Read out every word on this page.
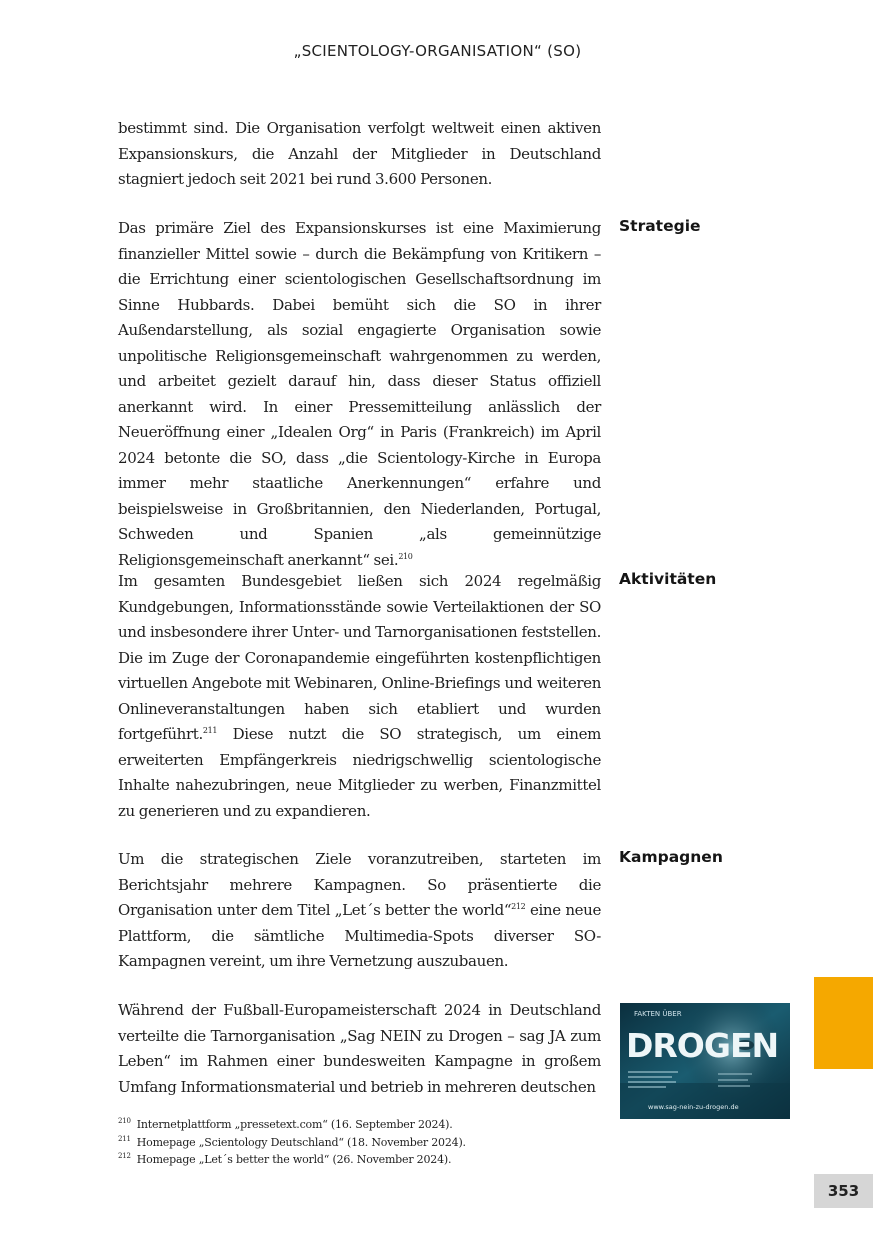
„SCIENTOLOGY-ORGANISATION“ (SO)

bestimmt sind. Die Organisation verfolgt weltweit einen aktiven Expansionskurs, die Anzahl der Mitglieder in Deutschland stagniert jedoch seit 2021 bei rund 3.600 Personen.

Das primäre Ziel des Expansionskurses ist eine Maximierung finanzieller Mittel sowie – durch die Bekämpfung von Kritikern – die Errichtung einer scientologischen Gesellschaftsordnung im Sinne Hubbards. Dabei bemüht sich die SO in ihrer Außendarstellung, als sozial engagierte Organisation sowie unpolitische Religionsgemeinschaft wahrgenommen zu werden, und arbeitet gezielt darauf hin, dass dieser Status offiziell anerkannt wird. In einer Pressemitteilung anlässlich der Neueröffnung einer „Idealen Org“ in Paris (Frankreich) im April 2024 betonte die SO, dass „die Scientology-Kirche in Europa immer mehr staatliche Anerkennungen“ erfahre und beispielsweise in Großbritannien, den Niederlanden, Portugal, Schweden und Spanien „als gemeinnützige Religionsgemeinschaft anerkannt“ sei.$^{210}$

Im gesamten Bundesgebiet ließen sich 2024 regelmäßig Kundgebungen, Informationsstände sowie Verteilaktionen der SO und insbesondere ihrer Unter- und Tarnorganisationen feststellen. Die im Zuge der Coronapandemie eingeführten kostenpflichtigen virtuellen Angebote mit Webinaren, Online-Briefings und weiteren Onlineveranstaltungen haben sich etabliert und wurden fortgeführt.$^{211}$ Diese nutzt die SO strategisch, um einem erweiterten Empfängerkreis niedrigschwellig scientologische Inhalte nahezubringen, neue Mitglieder zu werben, Finanzmittel zu generieren und zu expandieren.

Um die strategischen Ziele voranzutreiben, starteten im Berichtsjahr mehrere Kampagnen. So präsentierte die Organisation unter dem Titel „Let´s better the world“$^{212}$ eine neue Plattform, die sämtliche Multimedia-Spots diverser SO-Kampagnen vereint, um ihre Vernetzung auszubauen.

Während der Fußball-Europameisterschaft 2024 in Deutschland verteilte die Tarnorganisation „Sag NEIN zu Drogen – sag JA zum Leben“ im Rahmen einer bundesweiten Kampagne in großem Umfang Informationsmaterial und betrieb in mehreren deutschen

Strategie
Aktivitäten
Kampagnen
FAKTEN ÜBER
DROGEN
www.sag-nein-zu-drogen.de
$^{210}$ Internetplattform „pressetext.com“ (16. September 2024).
$^{211}$ Homepage „Scientology Deutschland“ (18. November 2024).
$^{212}$ Homepage „Let´s better the world“ (26. November 2024).
353
